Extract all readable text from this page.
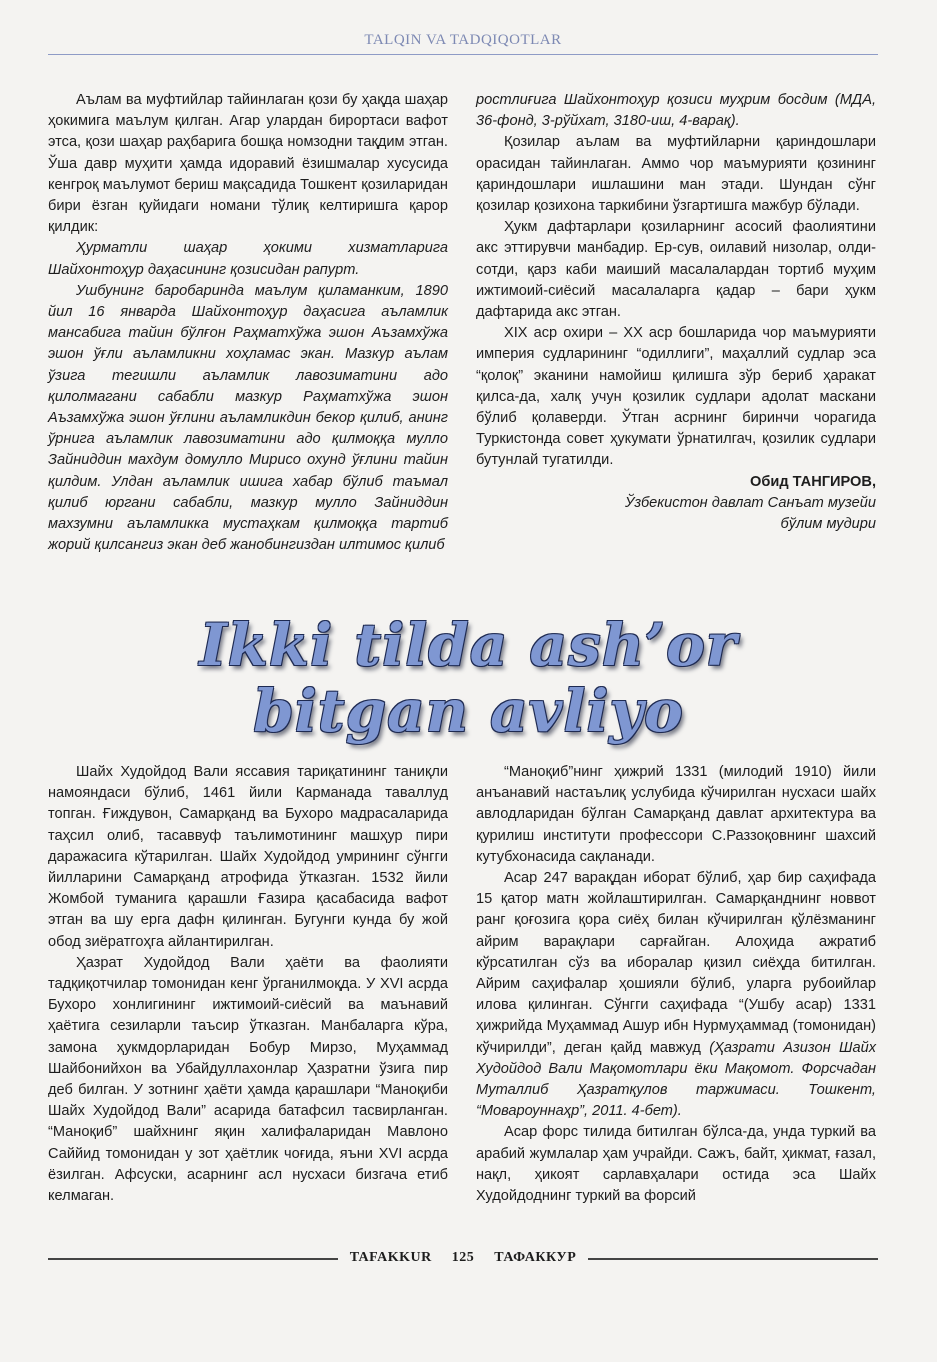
TALQIN VA TADQIQOTLAR

Аълам ва муфтийлар тайинлаган қози бу ҳақда шаҳар ҳокимига маълум қилган. Агар улардан бирортаси вафот этса, қози шаҳар раҳбарига бошқа номзодни тақдим этган. Ўша давр муҳити ҳамда идоравий ёзишмалар хусусида кенгроқ маълумот бериш мақсадида Тошкент қозиларидан бири ёзган қуйидаги номани тўлиқ келтиришга қарор қилдик:

Ҳурматли шаҳар ҳокими хизматларига Шайхонтоҳур даҳасининг қозисидан рапурт.

Ушбунинг баробаринда маълум қиламанким, 1890 йил 16 январда Шайхонтоҳур даҳасига аъламлик мансабига тайин бўлғон Раҳматхўжа эшон Аъзамхўжа эшон ўғли аъламликни хоҳламас экан. Мазкур аълам ўзига тегишли аъламлик лавозиматини адо қилолмагани сабабли мазкур Раҳматхўжа эшон Аъзамхўжа эшон ўғлини аъламликдин бекор қилиб, анинг ўрнига аъламлик лавозиматини адо қилмоққа мулло Зайниддин махдум домулло Мирисо охунд ўғлини тайин қилдим. Улдан аъламлик ишига хабар бўлиб таъмал қилиб юргани сабабли, мазкур мулло Зайниддин махзумни аъламликка мустаҳкам қилмоққа тартиб жорий қилсангиз экан деб жанобингиздан илтимос қилиб

ростлиғига Шайхонтоҳур қозиси муҳрим босдим (МДА, 36-фонд, 3-рўйхат, 3180-иш, 4-варақ).

Қозилар аълам ва муфтийларни қариндошлари орасидан тайинлаган. Аммо чор маъмурияти қозининг қариндошлари ишлашини ман этади. Шундан сўнг қозилар қозихона таркибини ўзгартишга мажбур бўлади.

Ҳукм дафтарлари қозиларнинг асосий фаолиятини акс эттирувчи манбадир. Ер-сув, оилавий низолар, олди-сотди, қарз каби маиший масалалардан тортиб муҳим ижтимоий-сиёсий масалаларга қадар – бари ҳукм дафтарида акс этган.

XIX аср охири – XX аср бошларида чор маъмурияти империя судларининг “одиллиги”, маҳаллий судлар эса “қолоқ” эканини намойиш қилишга зўр бериб ҳаракат қилса-да, халқ учун қозилик судлари адолат маскани бўлиб қолаверди. Ўтган асрнинг биринчи чорагида Туркистонда совет ҳукумати ўрнатилгач, қозилик судлари бутунлай тугатилди.

Обид ТАНГИРОВ,

Ўзбекистон давлат Санъат музейи

бўлим мудири

Ikki tilda ash’or
bitgan avliyo

Шайх Худойдод Вали яссавия тариқатининг таниқли намояндаси бўлиб, 1461 йили Карманада таваллуд топган. Ғиждувон, Самарқанд ва Бухоро мадрасаларида таҳсил олиб, тасаввуф таълимотининг машҳур пири даражасига кўтарилган. Шайх Худойдод умрининг сўнгги йилларини Самарқанд атрофида ўтказган. 1532 йили Жомбой туманига қарашли Ғазира қасабасида вафот этган ва шу ерга дафн қилинган. Бугунги кунда бу жой обод зиёратгоҳга айлантирилган.

Ҳазрат Худойдод Вали ҳаёти ва фаолияти тадқиқотчилар томонидан кенг ўрганилмоқда. У XVI асрда Бухоро хонлигининг ижтимоий-сиёсий ва маънавий ҳаётига сезиларли таъсир ўтказган. Манбаларга кўра, замона ҳукмдорларидан Бобур Мирзо, Муҳаммад Шайбонийхон ва Убайдуллахонлар Ҳазратни ўзига пир деб билган. У зотнинг ҳаёти ҳамда қарашлари “Маноқиби Шайх Худойдод Вали” асарида батафсил тасвирланган. “Маноқиб” шайхнинг яқин халифаларидан Мавлоно Саййид томонидан у зот ҳаётлик чоғида, яъни XVI асрда ёзилган. Афсуски, асарнинг асл нусхаси бизгача етиб келмаган.

“Маноқиб”нинг ҳижрий 1331 (милодий 1910) йили анъанавий настаълиқ услубида кўчирилган нусхаси шайх авлодларидан бўлган Самарқанд давлат архитектура ва қурилиш институти профессори С.Раззоқовнинг шахсий кутубхонасида сақланади.

Асар 247 варақдан иборат бўлиб, ҳар бир саҳифада 15 қатор матн жойлаштирилган. Самарқанднинг новвот ранг қоғозига қора сиёҳ билан кўчирилган қўлёзманинг айрим варақлари сарғайган. Алоҳида ажратиб кўрсатилган сўз ва иборалар қизил сиёҳда битилган. Айрим саҳифалар ҳошияли бўлиб, уларга рубоийлар илова қилинган. Сўнгги саҳифада “(Ушбу асар) 1331 ҳижрийда Муҳаммад Ашур ибн Нурмуҳаммад (томонидан) кўчирилди”, деган қайд мавжуд (Ҳазрати Азизон Шайх Худойдод Вали Мақомотлари ёки Мақомот. Форсчадан Муталлиб Ҳазратқулов таржимаси. Тошкент, “Мовароуннаҳр”, 2011. 4-бет).

Асар форс тилида битилган бўлса-да, унда туркий ва арабий жумлалар ҳам учрайди. Сажъ, байт, ҳикмат, ғазал, нақл, ҳикоят сарлавҳалари остида эса Шайх Худойдоднинг туркий ва форсий

TAFAKKUR 125 ТАФАККУР
